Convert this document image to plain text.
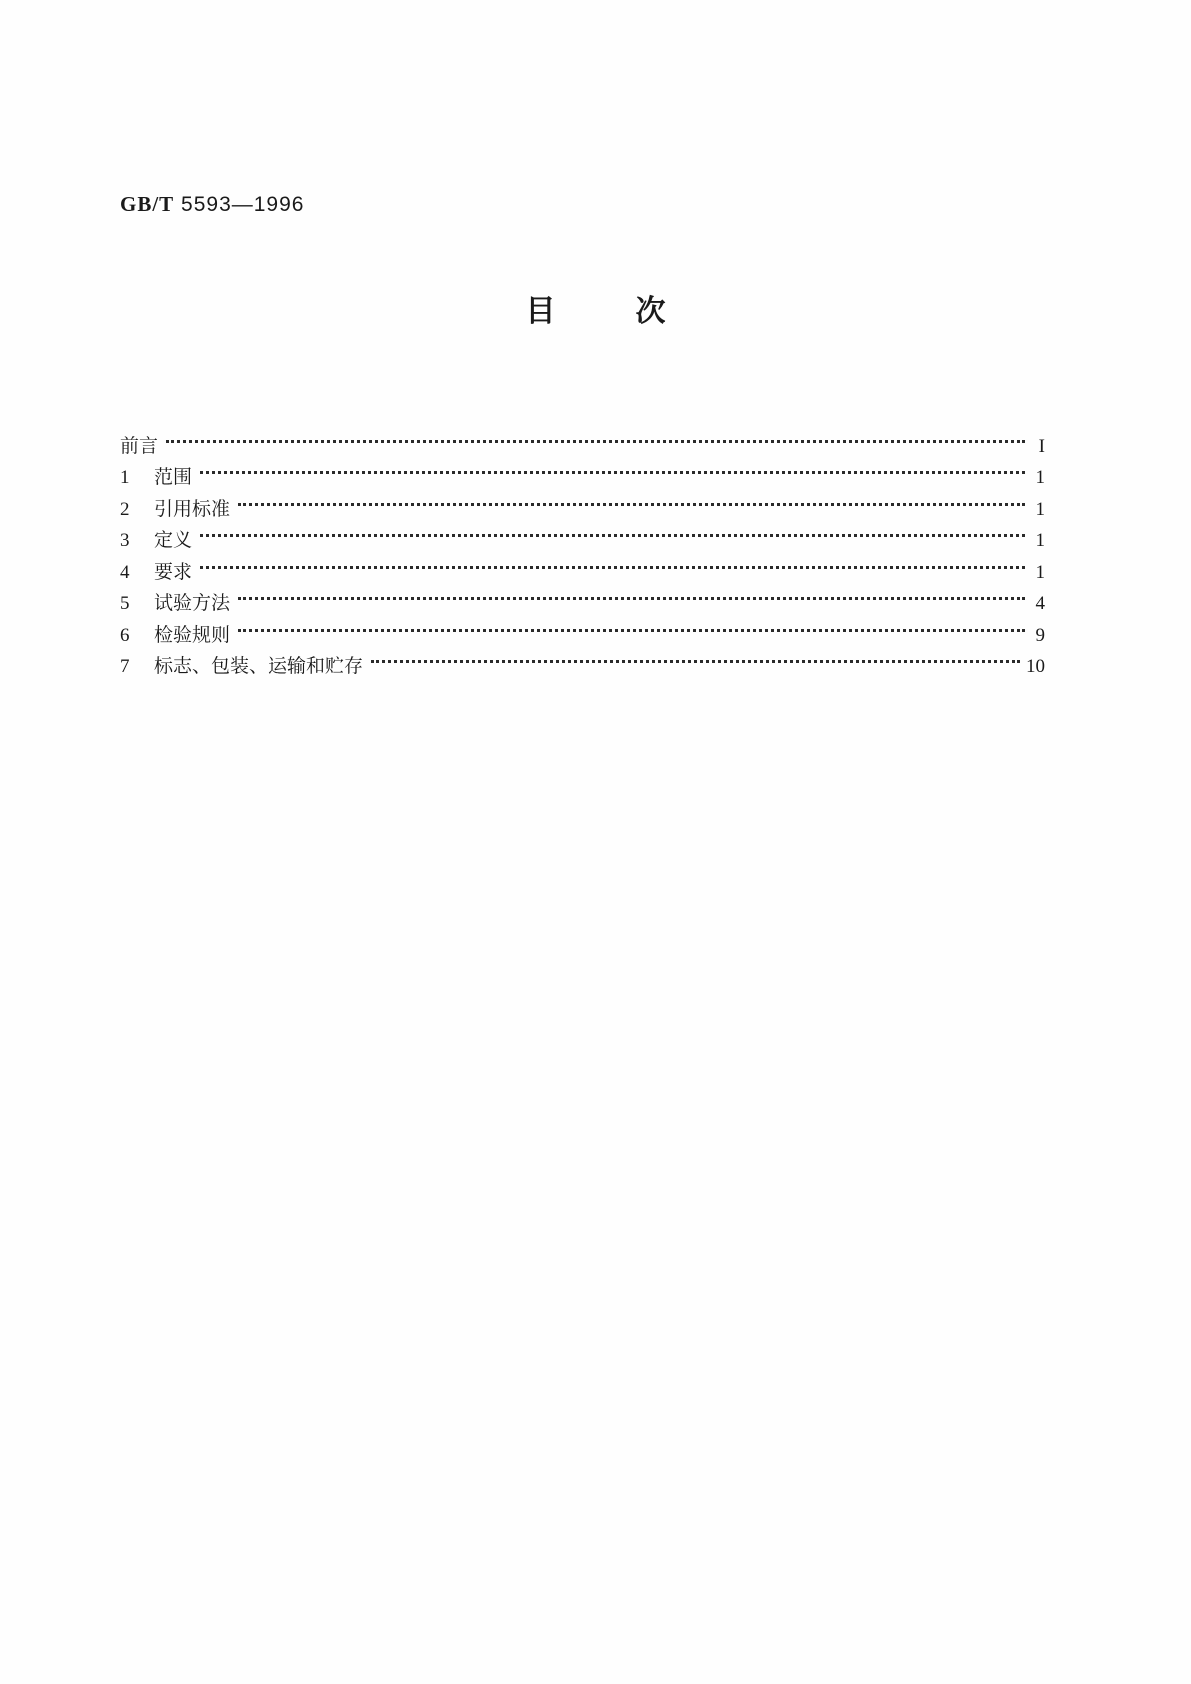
GB/T 5593—1996
目次
前言	I
1	范围	1
2	引用标准	1
3	定义	1
4	要求	1
5	试验方法	4
6	检验规则	9
7	标志、包装、运输和贮存	10
